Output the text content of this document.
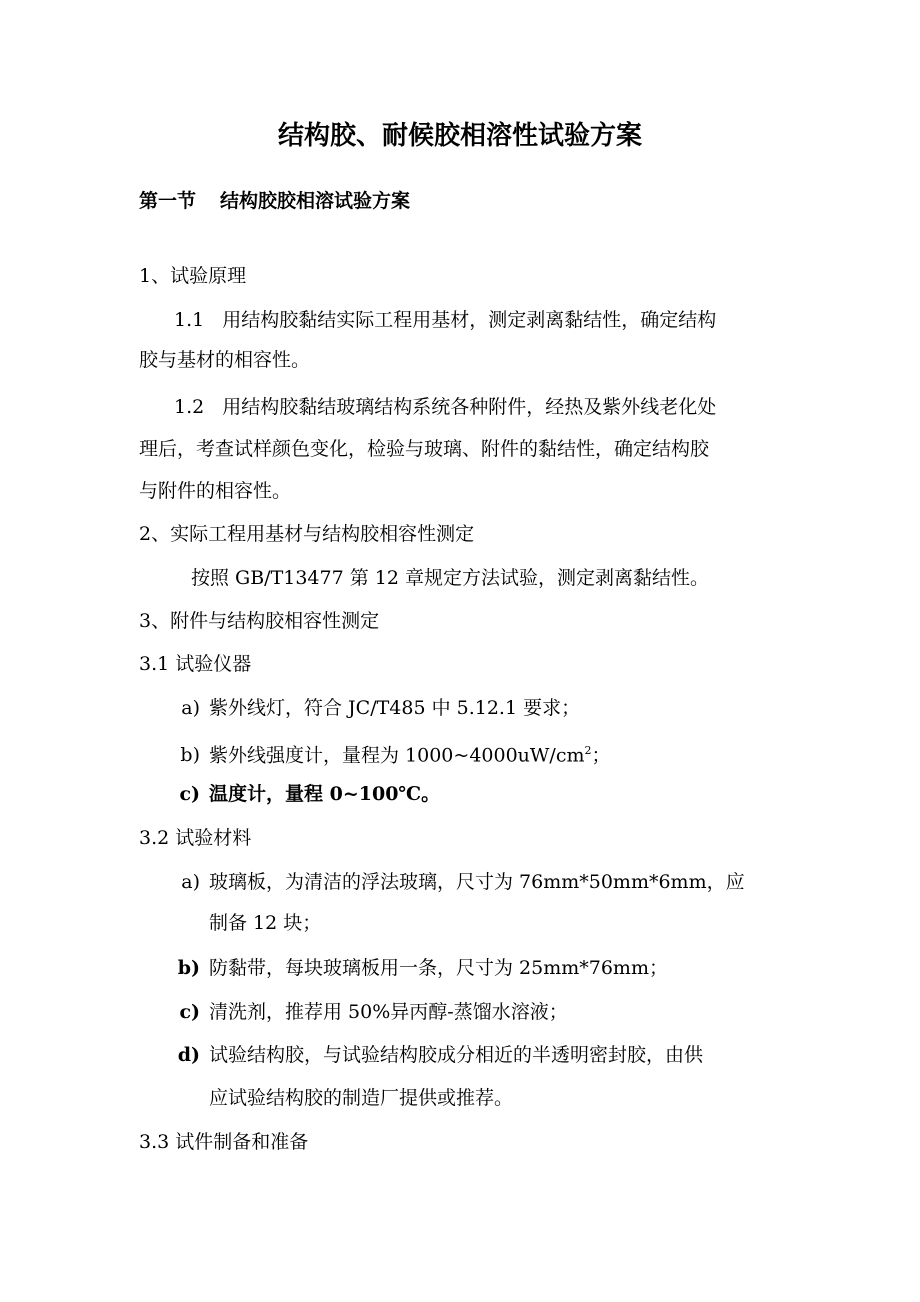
结构胶、耐候胶相溶性试验方案
第一节 结构胶胶相溶试验方案
1、试验原理
1.1 用结构胶黏结实际工程用基材，测定剥离黏结性，确定结构
胶与基材的相容性。
1.2 用结构胶黏结玻璃结构系统各种附件，经热及紫外线老化处
理后，考查试样颜色变化，检验与玻璃、附件的黏结性，确定结构胶
与附件的相容性。
2、实际工程用基材与结构胶相容性测定
按照 GB/T13477 第 12 章规定方法试验，测定剥离黏结性。
3、附件与结构胶相容性测定
3.1 试验仪器
a) 紫外线灯，符合 JC/T485 中 5.12.1 要求；
b) 紫外线强度计，量程为 $1000\sim 4000uW/cm^2$；
c) 温度计，量程 0~100℃。
3.2 试验材料
a) 玻璃板，为清洁的浮法玻璃，尺寸为 76mm*50mm*6mm，应
制备 12 块；
b) 防黏带，每块玻璃板用一条，尺寸为 25mm*76mm；
c) 清洗剂，推荐用 50%异丙醇-蒸馏水溶液；
d) 试验结构胶，与试验结构胶成分相近的半透明密封胶，由供
应试验结构胶的制造厂提供或推荐。
3.3 试件制备和准备
